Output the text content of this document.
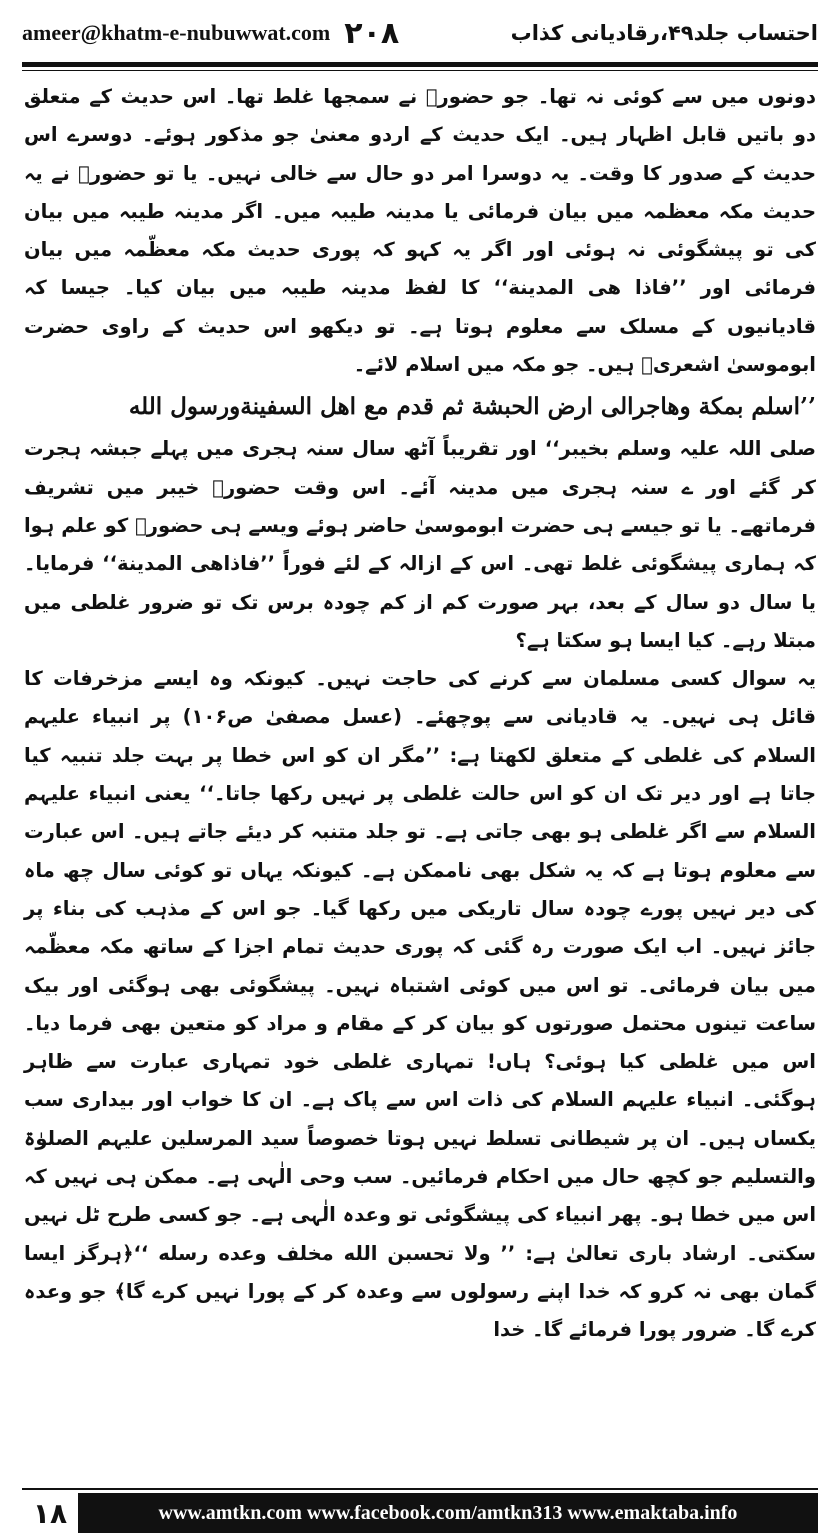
ameer@khatm-e-nubuwwat.com ۲۰۸	احتساب جلد۴۹،ر‌قادیانی کذاب

دونوں میں سے کوئی نہ تھا۔ جو حضورؐ نے سمجھا غلط تھا۔ اس حدیث کے متعلق دو باتیں قابل اظہار ہیں۔ ایک حدیث کے اردو معنیٰ جو مذکور ہوئے۔ دوسرے اس حدیث کے صدور کا وقت۔ یہ دوسرا امر دو حال سے خالی نہیں۔ یا تو حضورؐ نے یہ حدیث مکہ معظمہ میں بیان فرمائی یا مدینہ طیبہ میں۔ اگر مدینہ طیبہ میں بیان کی تو پیشگوئی نہ ہوئی اور اگر یہ کہو کہ پوری حدیث مکہ معظّمہ میں بیان فرمائی اور ’’فاذا ھی المدینة‘‘ کا لفظ مدینہ طیبہ میں بیان کیا۔ جیسا کہ قادیانیوں کے مسلک سے معلوم ہوتا ہے۔ تو دیکھو اس حدیث کے راوی حضرت ابوموسیٰ اشعریؓ ہیں۔ جو مکہ میں اسلام لائے۔

’’اسلم بمكة وهاجرالى ارض الحبشة ثم قدم مع اهل السفينةورسول الله

صلی اللہ علیہ وسلم بخيبر‘‘ اور تقریباً آٹھ سال سنہ ہجری میں پہلے جبشہ ہجرت کر گئے اور ے سنہ ہجری میں مدینہ آئے۔ اس وقت حضورؐ خیبر میں تشریف فرماتھے۔ یا تو جیسے ہی حضرت ابوموسیٰ حاضر ہوئے ویسے ہی حضورؐ کو علم ہوا کہ ہماری پیشگوئی غلط تھی۔ اس کے ازالہ کے لئے فوراً ’’فاذاھی المدينة‘‘ فرمایا۔ یا سال دو سال کے بعد، بہر صورت کم از کم چودہ برس تک تو ضرور غلطی میں مبتلا رہے۔ کیا ایسا ہو سکتا ہے؟

یہ سوال کسی مسلمان سے کرنے کی حاجت نہیں۔ کیونکہ وہ ایسے مزخرفات کا قائل ہی نہیں۔ یہ قادیانی سے پوچھئے۔ (عسل مصفیٰ ص۱۰۶) پر انبیاء علیہم السلام کی غلطی کے متعلق لکھتا ہے: ’’مگر ان کو اس خطا پر بہت جلد تنبیہ کیا جاتا ہے اور دیر تک ان کو اس حالت غلطی پر نہیں رکھا جاتا۔‘‘ یعنی انبیاء علیہم السلام سے اگر غلطی ہو بھی جاتی ہے۔ تو جلد متنبہ کر دیئے جاتے ہیں۔ اس عبارت سے معلوم ہوتا ہے کہ یہ شکل بھی ناممکن ہے۔ کیونکہ یہاں تو کوئی سال چھ ماہ کی دیر نہیں پورے چودہ سال تاریکی میں رکھا گیا۔ جو اس کے مذہب کی بناء پر جائز نہیں۔ اب ایک صورت رہ گئی کہ پوری حدیث تمام اجزا کے ساتھ مکہ معظّمہ میں بیان فرمائی۔ تو اس میں کوئی اشتباہ نہیں۔ پیشگوئی بھی ہوگئی اور بیک ساعت تینوں محتمل صورتوں کو بیان کر کے مقام و مراد کو متعین بھی فرما دیا۔ اس میں غلطی کیا ہوئی؟ ہاں! تمہاری غلطی خود تمہاری عبارت سے ظاہر ہوگئی۔ انبیاء علیہم السلام کی ذات اس سے پاک ہے۔ ان کا خواب اور بیداری سب یکساں ہیں۔ ان پر شیطانی تسلط نہیں ہوتا خصوصاً سید المرسلین علیہم الصلوٰۃ والتسلیم جو کچھ حال میں احکام فرمائیں۔ سب وحی الٰہی ہے۔ ممکن ہی نہیں کہ اس میں خطا ہو۔ پھر انبیاء کی پیشگوئی تو وعدہ الٰہی ہے۔ جو کسی طرح ٹل نہیں سکتی۔ ارشاد باری تعالیٰ ہے: ’’ ولا تحسبن الله مخلف وعده رسله ‘‘﴿ہرگز ایسا گمان بھی نہ کرو کہ خدا اپنے رسولوں سے وعدہ کر کے پورا نہیں کرے گا﴾ جو وعدہ کرے گا۔ ضرور پورا فرمائے گا۔ خدا

۱۸	www.amtkn.com www.facebook.com/amtkn313 www.emaktaba.info
